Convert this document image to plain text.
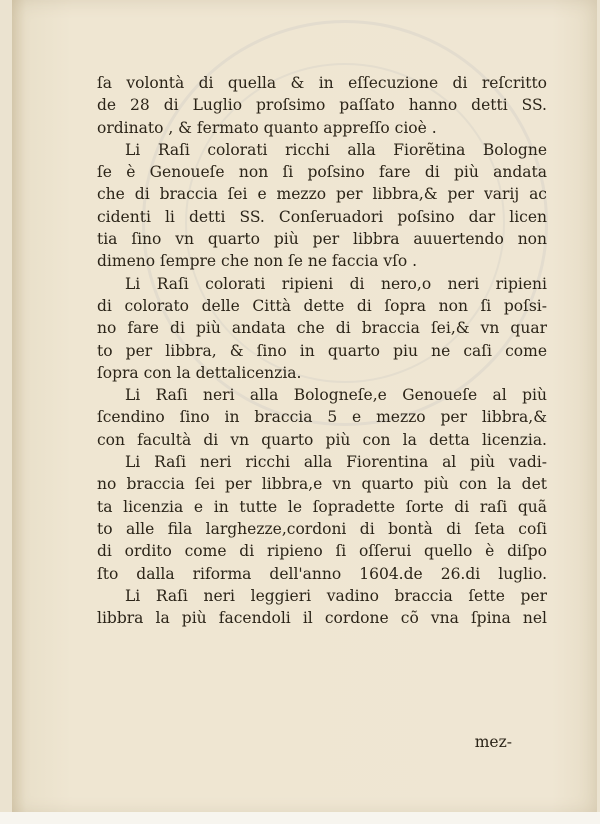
ſa volontà di quella & in eſſecuzione di reſcritto
de 28 di Luglio proſsimo paſſato hanno detti SS.
ordinato , & fermato quanto appreſſo cioè .
Li Raſi colorati ricchi alla Fiorẽtina Bologne
ſe è Genoueſe non ſi poſsino fare di più andata
che di braccia ſei e mezzo per libbra,& per varij ac
cidenti li detti SS. Conſeruadori poſsino dar licen
tia ſino vn quarto più per libbra auuertendo non
dimeno ſempre che non ſe ne faccia vſo .
Li Raſi colorati ripieni di nero,o neri ripieni
di colorato delle Città dette di ſopra non ſi poſsi-
no fare di più andata che di braccia ſei,& vn quar
to per libbra, & ſino in quarto piu ne caſi come
ſopra con la dettalicenzia.
Li Raſi neri alla Bologneſe,e Genoueſe al più
ſcendino ſino in braccia 5 e mezzo per libbra,&
con facultà di vn quarto più con la detta licenzia.
Li Raſi neri ricchi alla Fiorentina al più vadi-
no braccia ſei per libbra,e vn quarto più con la det
ta licenzia e in tutte le ſopradette ſorte di raſi quã
to alle fila larghezze,cordoni di bontà di ſeta coſi
di ordito come di ripieno ſi oſſerui quello è diſpo
ſto dalla riforma dell'anno 1604.de 26.di luglio.
Li Raſi neri leggieri vadino braccia ſette per
libbra la più facendoli il cordone cõ vna ſpina nel
mez-
